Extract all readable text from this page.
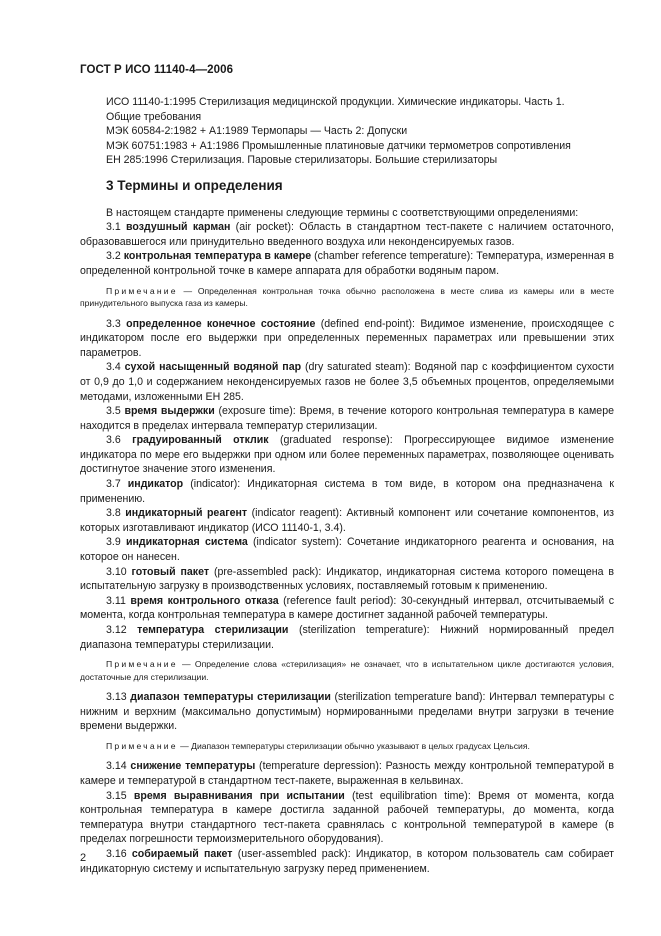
ГОСТ Р ИСО 11140-4—2006

ИСО 11140-1:1995 Стерилизация медицинской продукции. Химические индикаторы. Часть 1.
Общие требования

МЭК 60584-2:1982 + А1:1989 Термопары — Часть 2: Допуски

МЭК 60751:1983 + А1:1986 Промышленные платиновые датчики термометров сопротивления

ЕН 285:1996 Стерилизация. Паровые стерилизаторы. Большие стерилизаторы

3 Термины и определения

В настоящем стандарте применены следующие термины с соответствующими определениями:

3.1 воздушный карман (air pocket): Область в стандартном тест-пакете с наличием остаточного, образовавшегося или принудительно введенного воздуха или неконденсируемых газов.

3.2 контрольная температура в камере (chamber reference temperature): Температура, измеренная в определенной контрольной точке в камере аппарата для обработки водяным паром.

Примечание — Определенная контрольная точка обычно расположена в месте слива из камеры или в месте принудительного выпуска газа из камеры.

3.3 определенное конечное состояние (defined end-point): Видимое изменение, происходящее с индикатором после его выдержки при определенных переменных параметрах или превышении этих параметров.

3.4 сухой насыщенный водяной пар (dry saturated steam): Водяной пар с коэффициентом сухости от 0,9 до 1,0 и содержанием неконденсируемых газов не более 3,5 объемных процентов, определяемыми методами, изложенными ЕН 285.

3.5 время выдержки (exposure time): Время, в течение которого контрольная температура в камере находится в пределах интервала температур стерилизации.

3.6 градуированный отклик (graduated response): Прогрессирующее видимое изменение индикатора по мере его выдержки при одном или более переменных параметрах, позволяющее оценивать достигнутое значение этого изменения.

3.7 индикатор (indicator): Индикаторная система в том виде, в котором она предназначена к применению.

3.8 индикаторный реагент (indicator reagent): Активный компонент или сочетание компонентов, из которых изготавливают индикатор (ИСО 11140-1, 3.4).

3.9 индикаторная система (indicator system): Сочетание индикаторного реагента и основания, на которое он нанесен.

3.10 готовый пакет (pre-assembled pack): Индикатор, индикаторная система которого помещена в испытательную загрузку в производственных условиях, поставляемый готовым к применению.

3.11 время контрольного отказа (reference fault period): 30-секундный интервал, отсчитываемый с момента, когда контрольная температура в камере достигнет заданной рабочей температуры.

3.12 температура стерилизации (sterilization temperature): Нижний нормированный предел диапазона температуры стерилизации.

Примечание — Определение слова «стерилизация» не означает, что в испытательном цикле достигаются условия, достаточные для стерилизации.

3.13 диапазон температуры стерилизации (sterilization temperature band): Интервал температуры с нижним и верхним (максимально допустимым) нормированными пределами внутри загрузки в течение времени выдержки.

Примечание — Диапазон температуры стерилизации обычно указывают в целых градусах Цельсия.

3.14 снижение температуры (temperature depression): Разность между контрольной температурой в камере и температурой в стандартном тест-пакете, выраженная в кельвинах.

3.15 время выравнивания при испытании (test equilibration time): Время от момента, когда контрольная температура в камере достигла заданной рабочей температуры, до момента, когда температура внутри стандартного тест-пакета сравнялась с контрольной температурой в камере (в пределах погрешности термоизмерительного оборудования).

3.16 собираемый пакет (user-assembled pack): Индикатор, в котором пользователь сам собирает индикаторную систему и испытательную загрузку перед применением.

2
